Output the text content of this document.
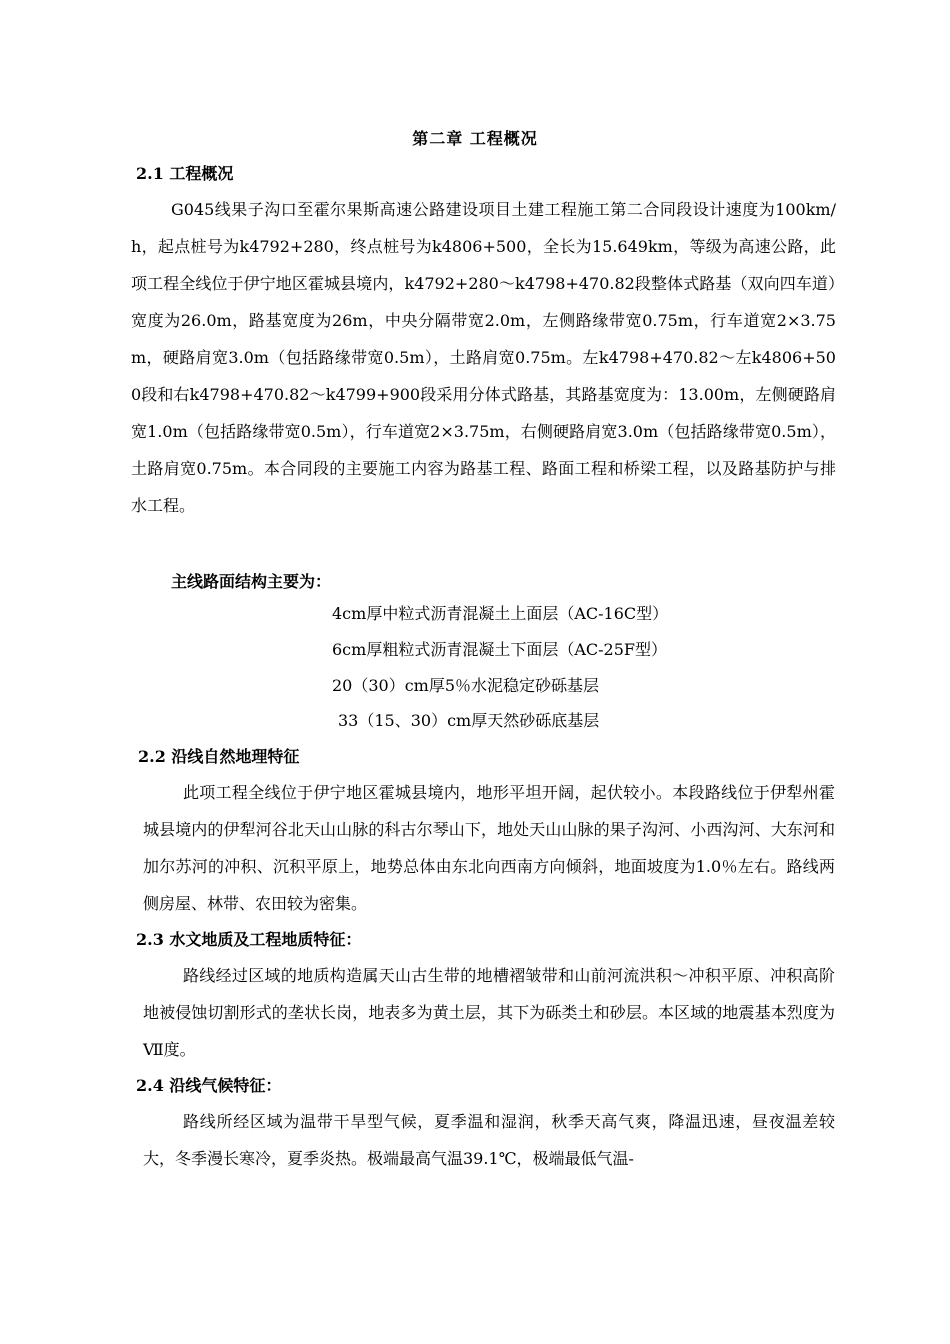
第二章 工程概况
2.1 工程概况

G045线果子沟口至霍尔果斯高速公路建设项目土建工程施工第二合同段设计速度为100km/h，起点桩号为k4792+280，终点桩号为k4806+500，全长为15.649km，等级为高速公路，此项工程全线位于伊宁地区霍城县境内，k4792+280～k4798+470.82段整体式路基（双向四车道）宽度为26.0m，路基宽度为26m，中央分隔带宽2.0m，左侧路缘带宽0.75m，行车道宽2×3.75m，硬路肩宽3.0m（包括路缘带宽0.5m），土路肩宽0.75m。左k4798+470.82～左k4806+500段和右k4798+470.82～k4799+900段采用分体式路基，其路基宽度为：13.00m，左侧硬路肩宽1.0m（包括路缘带宽0.5m），行车道宽2×3.75m，右侧硬路肩宽3.0m（包括路缘带宽0.5m），土路肩宽0.75m。本合同段的主要施工内容为路基工程、路面工程和桥梁工程，以及路基防护与排水工程。

主线路面结构主要为：

4cm厚中粒式沥青混凝土上面层（AC-16C型）

6cm厚粗粒式沥青混凝土下面层（AC-25F型）

20（30）cm厚5％水泥稳定砂砾基层

33（15、30）cm厚天然砂砾底基层

2.2 沿线自然地理特征

此项工程全线位于伊宁地区霍城县境内，地形平坦开阔，起伏较小。本段路线位于伊犁州霍城县境内的伊犁河谷北天山山脉的科古尔琴山下，地处天山山脉的果子沟河、小西沟河、大东河和加尔苏河的冲积、沉积平原上，地势总体由东北向西南方向倾斜，地面坡度为1.0％左右。路线两侧房屋、林带、农田较为密集。

2.3 水文地质及工程地质特征：

路线经过区域的地质构造属天山古生带的地槽褶皱带和山前河流洪积～冲积平原、冲积高阶地被侵蚀切割形式的垄状长岗，地表多为黄土层，其下为砾类土和砂层。本区域的地震基本烈度为Ⅶ度。

2.4 沿线气候特征：

路线所经区域为温带干旱型气候，夏季温和湿润，秋季天高气爽，降温迅速，昼夜温差较大，冬季漫长寒冷，夏季炎热。极端最高气温39.1℃，极端最低气温-
